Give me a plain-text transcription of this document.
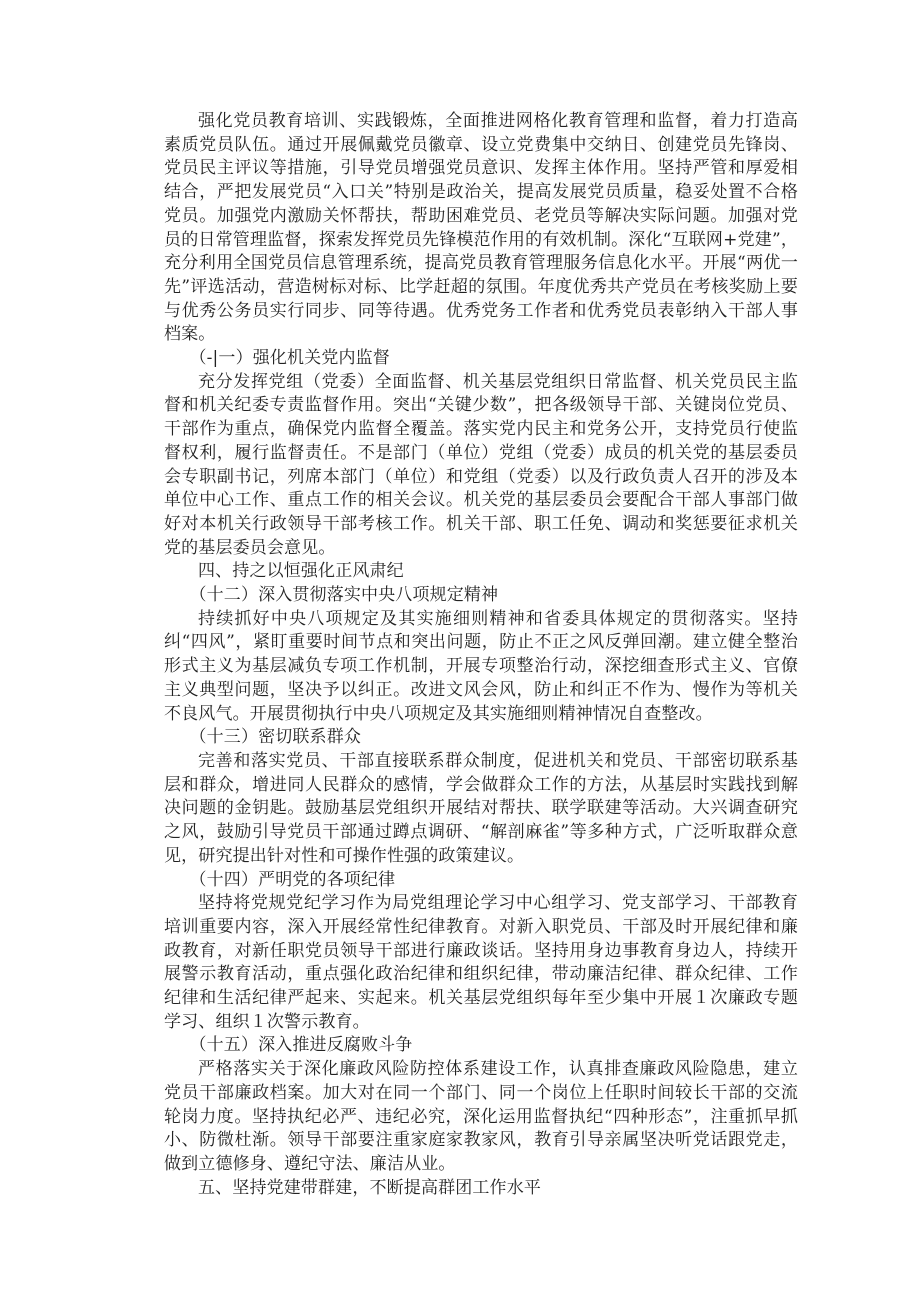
强化党员教育培训、实践锻炼，全面推进网格化教育管理和监督，着力打造高素质党员队伍。通过开展佩戴党员徽章、设立党费集中交纳日、创建党员先锋岗、党员民主评议等措施，引导党员增强党员意识、发挥主体作用。坚持严管和厚爱相结合，严把发展党员“入口关”特别是政治关，提高发展党员质量，稳妥处置不合格党员。加强党内激励关怀帮扶，帮助困难党员、老党员等解决实际问题。加强对党员的日常管理监督，探索发挥党员先锋模范作用的有效机制。深化“互联网+党建”，充分利用全国党员信息管理系统，提高党员教育管理服务信息化水平。开展“两优一先”评选活动，营造树标对标、比学赶超的氛围。年度优秀共产党员在考核奖励上要与优秀公务员实行同步、同等待遇。优秀党务工作者和优秀党员表彰纳入干部人事档案。

（-|一）强化机关党内监督

充分发挥党组（党委）全面监督、机关基层党组织日常监督、机关党员民主监督和机关纪委专责监督作用。突出“关键少数”，把各级领导干部、关键岗位党员、干部作为重点，确保党内监督全覆盖。落实党内民主和党务公开，支持党员行使监督权利，履行监督责任。不是部门（单位）党组（党委）成员的机关党的基层委员会专职副书记，列席本部门（单位）和党组（党委）以及行政负责人召开的涉及本单位中心工作、重点工作的相关会议。机关党的基层委员会要配合干部人事部门做好对本机关行政领导干部考核工作。机关干部、职工任免、调动和奖惩要征求机关党的基层委员会意见。

四、持之以恒强化正风肃纪

（十二）深入贯彻落实中央八项规定精神

持续抓好中央八项规定及其实施细则精神和省委具体规定的贯彻落实。坚持纠“四风”，紧盯重要时间节点和突出问题，防止不正之风反弹回潮。建立健全整治形式主义为基层减负专项工作机制，开展专项整治行动，深挖细查形式主义、官僚主义典型问题，坚决予以纠正。改进文风会风，防止和纠正不作为、慢作为等机关不良风气。开展贯彻执行中央八项规定及其实施细则精神情况自查整改。

（十三）密切联系群众

完善和落实党员、干部直接联系群众制度，促进机关和党员、干部密切联系基层和群众，增进同人民群众的感情，学会做群众工作的方法，从基层时实践找到解决问题的金钥匙。鼓励基层党组织开展结对帮扶、联学联建等活动。大兴调查研究之风，鼓励引导党员干部通过蹲点调研、“解剖麻雀”等多种方式，广泛听取群众意见，研究提出针对性和可操作性强的政策建议。

（十四）严明党的各项纪律

坚持将党规党纪学习作为局党组理论学习中心组学习、党支部学习、干部教育培训重要内容，深入开展经常性纪律教育。对新入职党员、干部及时开展纪律和廉政教育，对新任职党员领导干部进行廉政谈话。坚持用身边事教育身边人，持续开展警示教育活动，重点强化政治纪律和组织纪律，带动廉洁纪律、群众纪律、工作纪律和生活纪律严起来、实起来。机关基层党组织每年至少集中开展１次廉政专题学习、组织１次警示教育。

（十五）深入推进反腐败斗争

严格落实关于深化廉政风险防控体系建设工作，认真排查廉政风险隐患，建立党员干部廉政档案。加大对在同一个部门、同一个岗位上任职时间较长干部的交流轮岗力度。坚持执纪必严、违纪必究，深化运用监督执纪“四种形态”，注重抓早抓小、防微杜渐。领导干部要注重家庭家教家风，教育引导亲属坚决听党话跟党走，做到立德修身、遵纪守法、廉洁从业。

五、坚持党建带群建，不断提高群团工作水平
